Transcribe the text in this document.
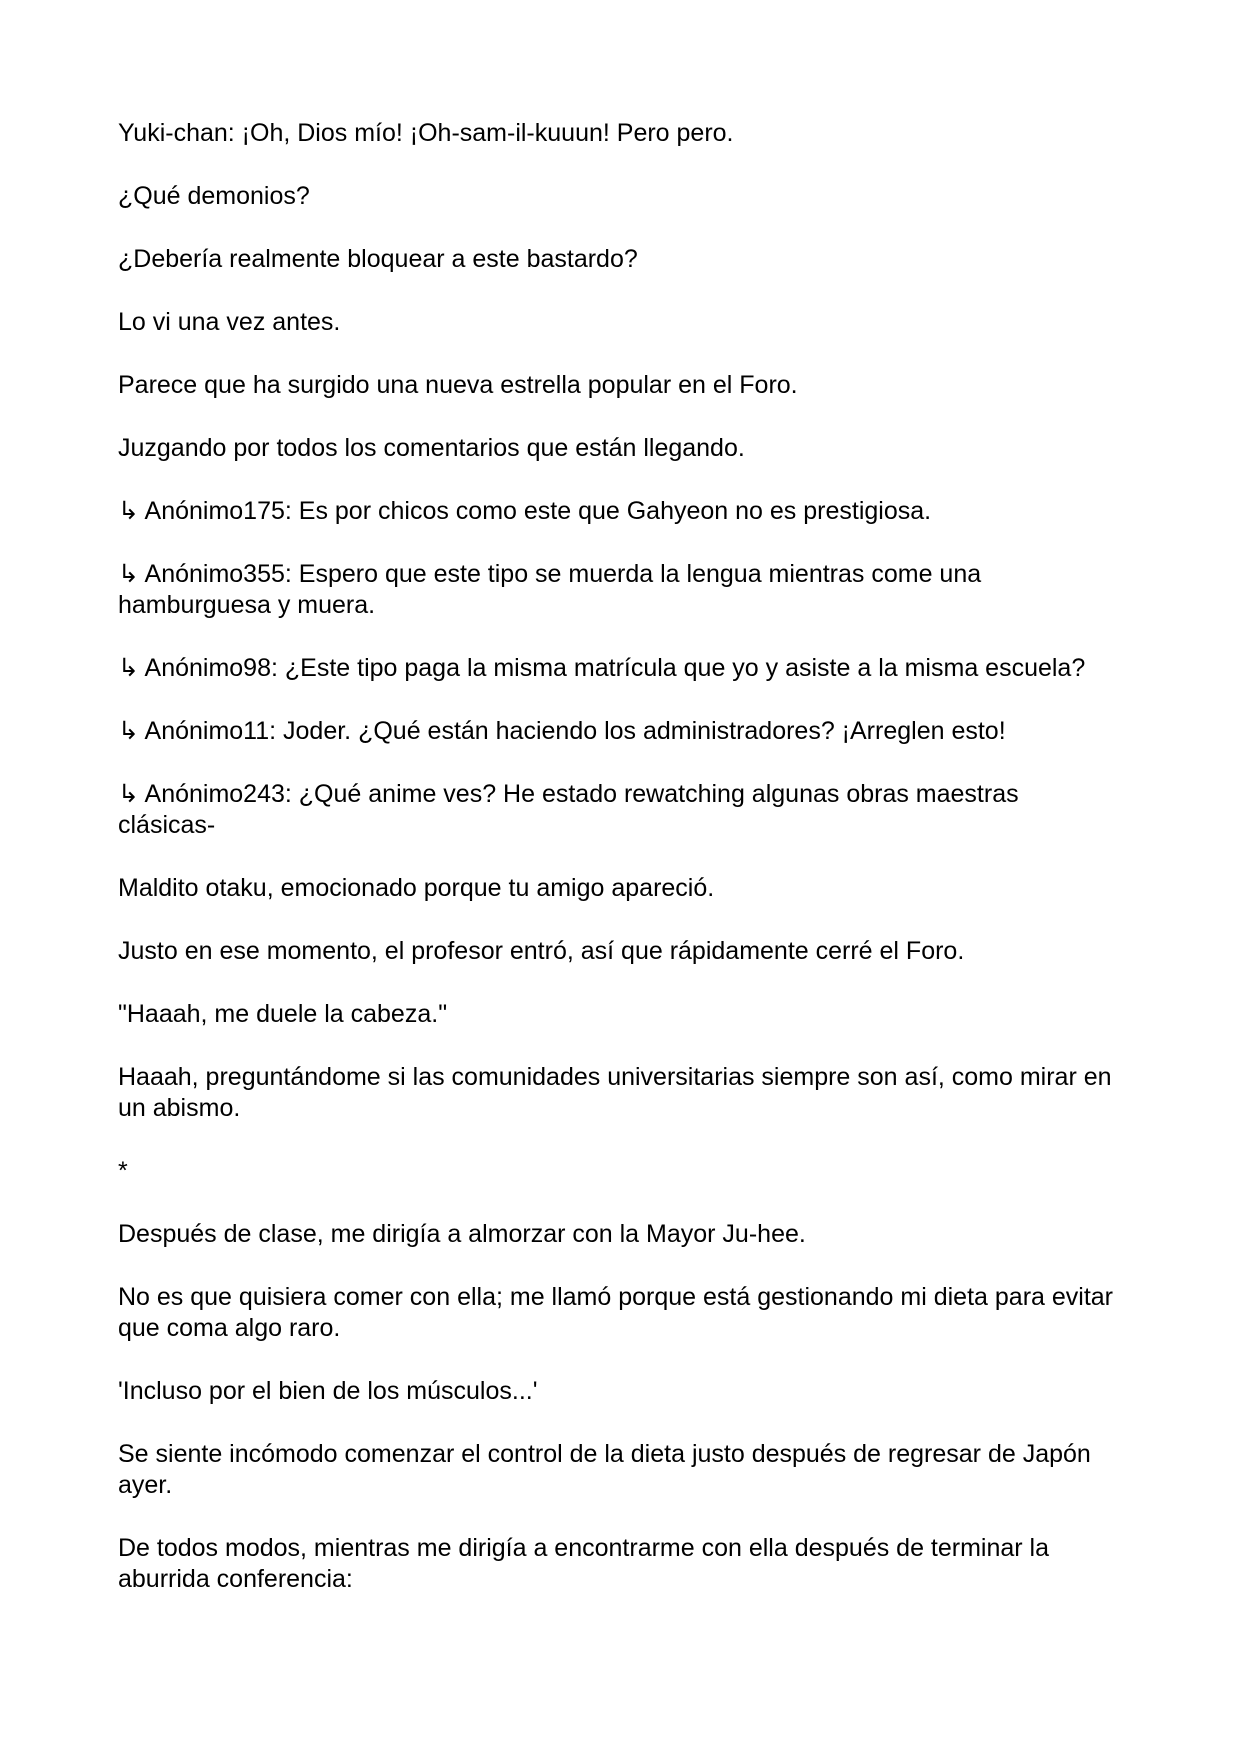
Yuki-chan: ¡Oh, Dios mío! ¡Oh-sam-il-kuuun! Pero pero.

¿Qué demonios?

¿Debería realmente bloquear a este bastardo?

Lo vi una vez antes.

Parece que ha surgido una nueva estrella popular en el Foro.

Juzgando por todos los comentarios que están llegando.

↳ Anónimo175: Es por chicos como este que Gahyeon no es prestigiosa.

↳ Anónimo355: Espero que este tipo se muerda la lengua mientras come una hamburguesa y muera.

↳ Anónimo98: ¿Este tipo paga la misma matrícula que yo y asiste a la misma escuela?

↳ Anónimo11: Joder. ¿Qué están haciendo los administradores? ¡Arreglen esto!

↳ Anónimo243: ¿Qué anime ves? He estado rewatching algunas obras maestras clásicas-

Maldito otaku, emocionado porque tu amigo apareció.

Justo en ese momento, el profesor entró, así que rápidamente cerré el Foro.

"Haaah, me duele la cabeza."

Haaah, preguntándome si las comunidades universitarias siempre son así, como mirar en un abismo.

*

Después de clase, me dirigía a almorzar con la Mayor Ju-hee.

No es que quisiera comer con ella; me llamó porque está gestionando mi dieta para evitar que coma algo raro.

'Incluso por el bien de los músculos...'

Se siente incómodo comenzar el control de la dieta justo después de regresar de Japón ayer.

De todos modos, mientras me dirigía a encontrarme con ella después de terminar la aburrida conferencia:
